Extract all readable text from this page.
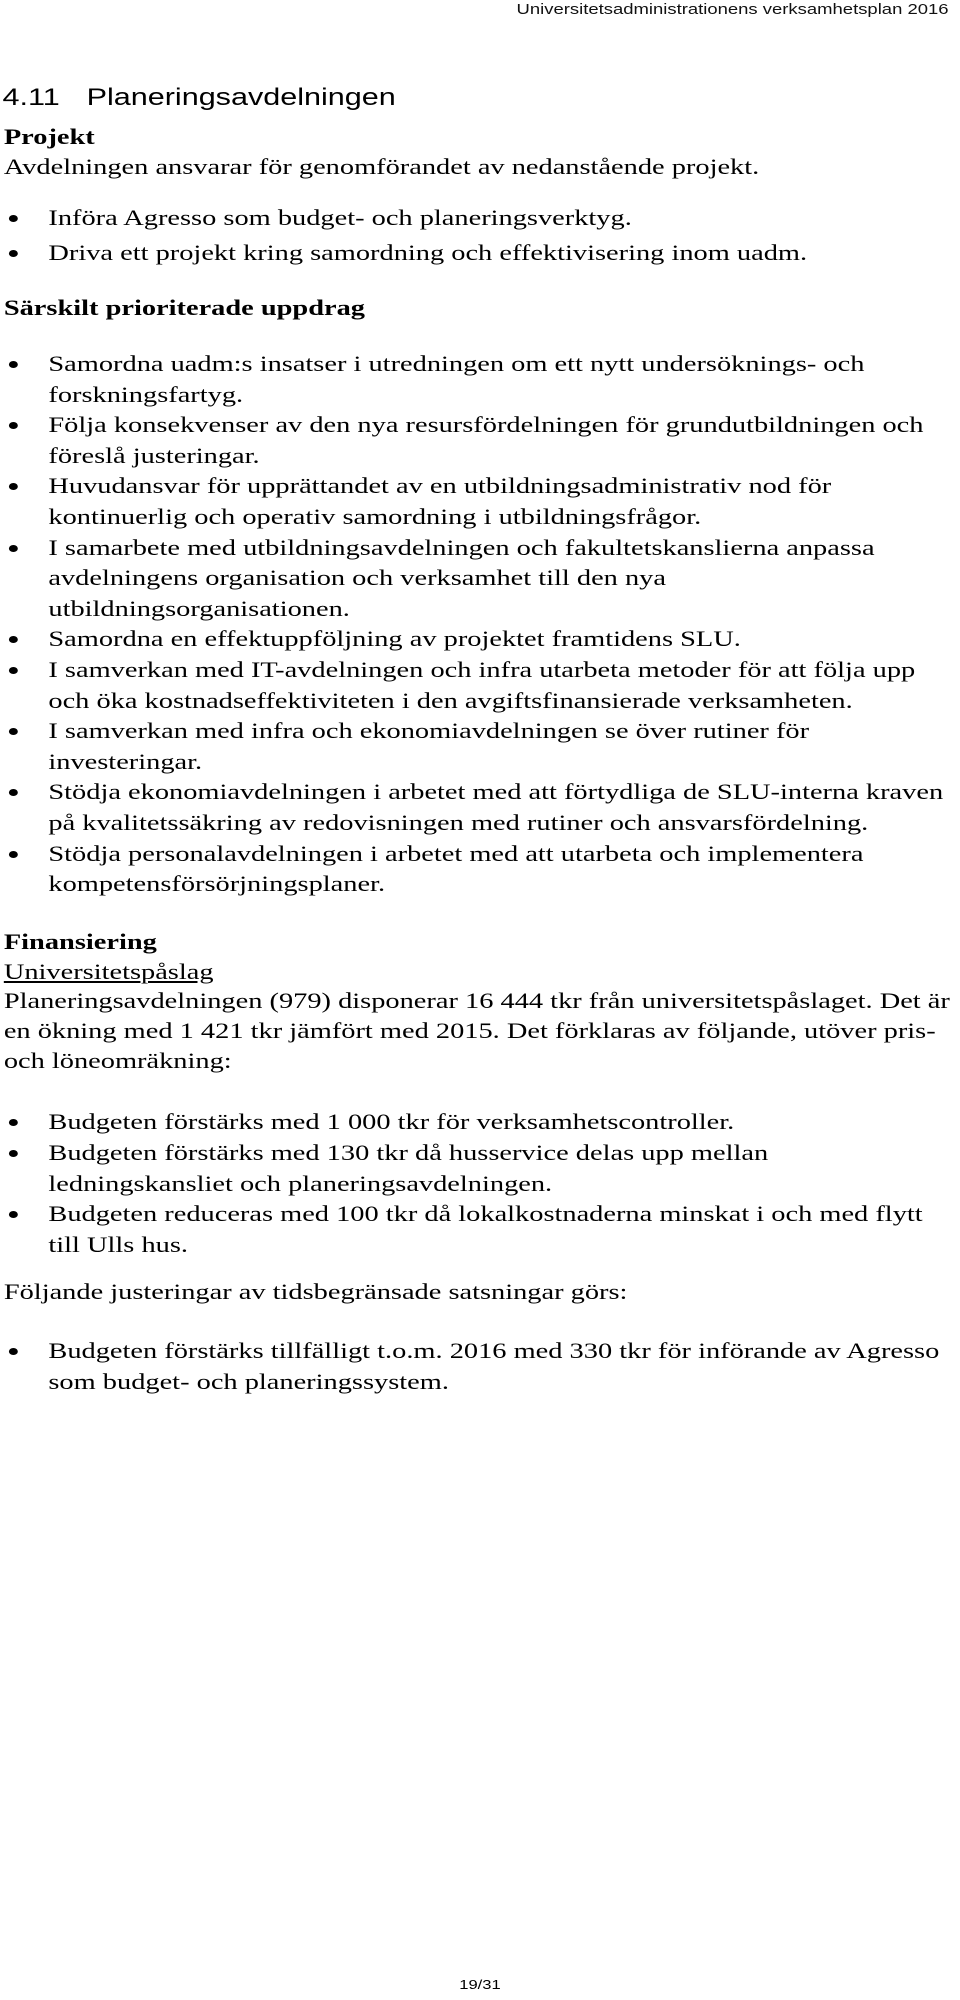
Universitetsadministrationens verksamhetsplan 2016
4.11 Planeringsavdelningen
Projekt
Avdelningen ansvarar för genomförandet av nedanstående projekt.
Införa Agresso som budget- och planeringsverktyg.
Driva ett projekt kring samordning och effektivisering inom uadm.
Särskilt prioriterade uppdrag
Samordna uadm:s insatser i utredningen om ett nytt undersöknings- och
forskningsfartyg.
Följa konsekvenser av den nya resursfördelningen för grundutbildningen och
föreslå justeringar.
Huvudansvar för upprättandet av en utbildningsadministrativ nod för
kontinuerlig och operativ samordning i utbildningsfrågor.
I samarbete med utbildningsavdelningen och fakultetskanslierna anpassa
avdelningens organisation och verksamhet till den nya
utbildningsorganisationen.
Samordna en effektuppföljning av projektet framtidens SLU.
I samverkan med IT-avdelningen och infra utarbeta metoder för att följa upp
och öka kostnadseffektiviteten i den avgiftsfinansierade verksamheten.
I samverkan med infra och ekonomiavdelningen se över rutiner för
investeringar.
Stödja ekonomiavdelningen i arbetet med att förtydliga de SLU-interna kraven
på kvalitetssäkring av redovisningen med rutiner och ansvarsfördelning.
Stödja personalavdelningen i arbetet med att utarbeta och implementera
kompetensförsörjningsplaner.
Finansiering
Universitetspåslag
Planeringsavdelningen (979) disponerar 16 444 tkr från universitetspåslaget. Det är
en ökning med 1 421 tkr jämfört med 2015. Det förklaras av följande, utöver pris-
och löneomräkning:
Budgeten förstärks med 1 000 tkr för verksamhetscontroller.
Budgeten förstärks med 130 tkr då husservice delas upp mellan
ledningskansliet och planeringsavdelningen.
Budgeten reduceras med 100 tkr då lokalkostnaderna minskat i och med flytt
till Ulls hus.
Följande justeringar av tidsbegränsade satsningar görs:
Budgeten förstärks tillfälligt t.o.m. 2016 med 330 tkr för införande av Agresso
som budget- och planeringssystem.
19/31
